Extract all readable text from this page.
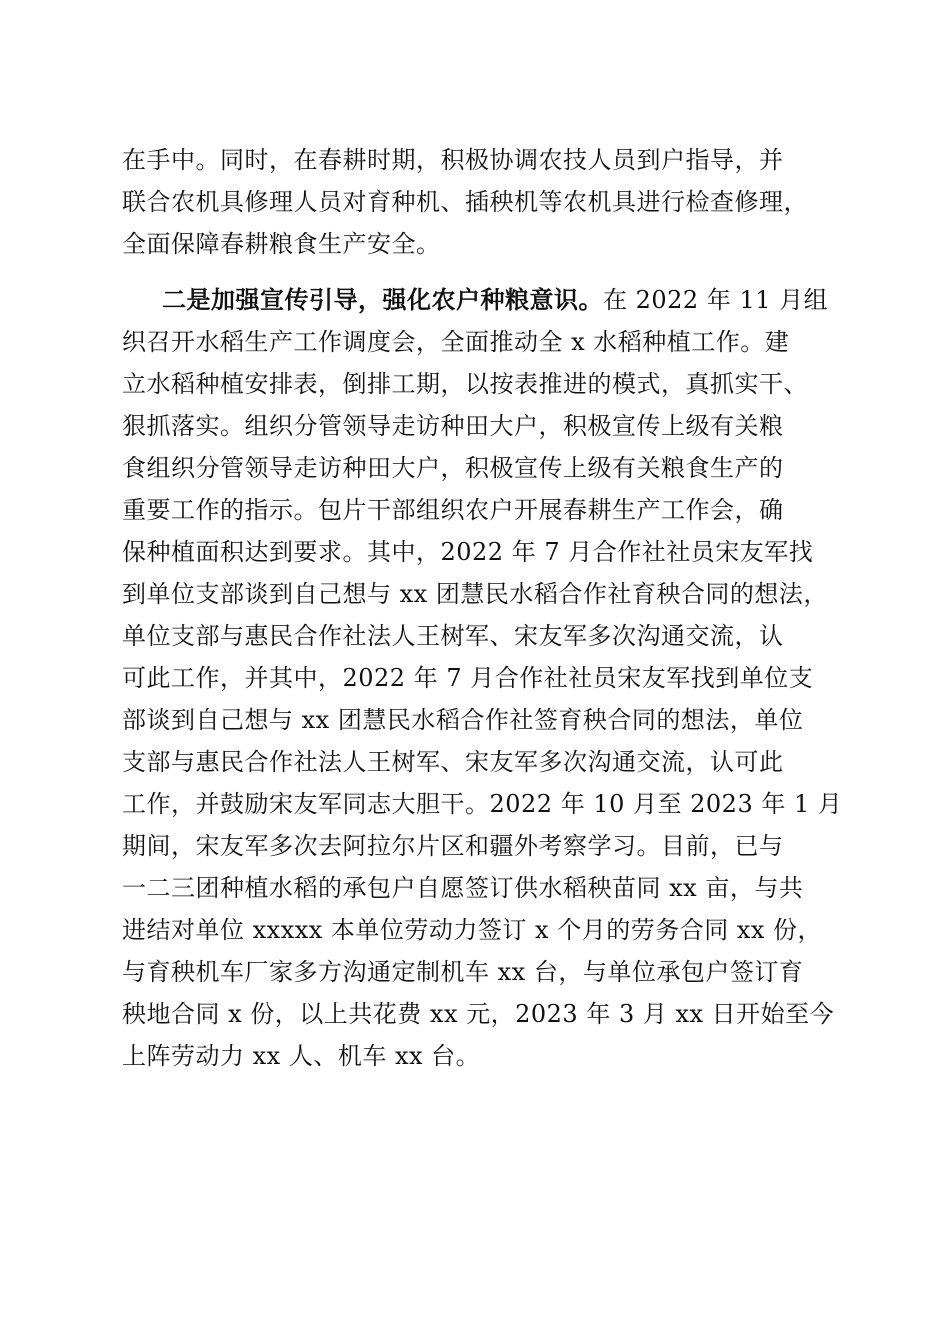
在手中。同时，在春耕时期，积极协调农技人员到户指导，并
联合农机具修理人员对育种机、插秧机等农机具进行检查修理，
全面保障春耕粮食生产安全。
二是加强宣传引导，强化农户种粮意识。在 2022 年 11 月组
织召开水稻生产工作调度会，全面推动全 x 水稻种植工作。建
立水稻种植安排表，倒排工期，以按表推进的模式，真抓实干、
狠抓落实。组织分管领导走访种田大户，积极宣传上级有关粮
食组织分管领导走访种田大户，积极宣传上级有关粮食生产的
重要工作的指示。包片干部组织农户开展春耕生产工作会，确
保种植面积达到要求。其中，2022 年 7 月合作社社员宋友军找
到单位支部谈到自己想与 xx 团慧民水稻合作社育秧合同的想法，
单位支部与惠民合作社法人王树军、宋友军多次沟通交流，认
可此工作，并其中，2022 年 7 月合作社社员宋友军找到单位支
部谈到自己想与 xx 团慧民水稻合作社签育秧合同的想法，单位
支部与惠民合作社法人王树军、宋友军多次沟通交流，认可此
工作，并鼓励宋友军同志大胆干。2022 年 10 月至 2023 年 1 月
期间，宋友军多次去阿拉尔片区和疆外考察学习。目前，已与
一二三团种植水稻的承包户自愿签订供水稻秧苗同 xx 亩，与共
进结对单位 xxxxx 本单位劳动力签订 x 个月的劳务合同 xx 份，
与育秧机车厂家多方沟通定制机车 xx 台，与单位承包户签订育
秧地合同 x 份，以上共花费 xx 元，2023 年 3 月 xx 日开始至今
上阵劳动力 xx 人、机车 xx 台。
